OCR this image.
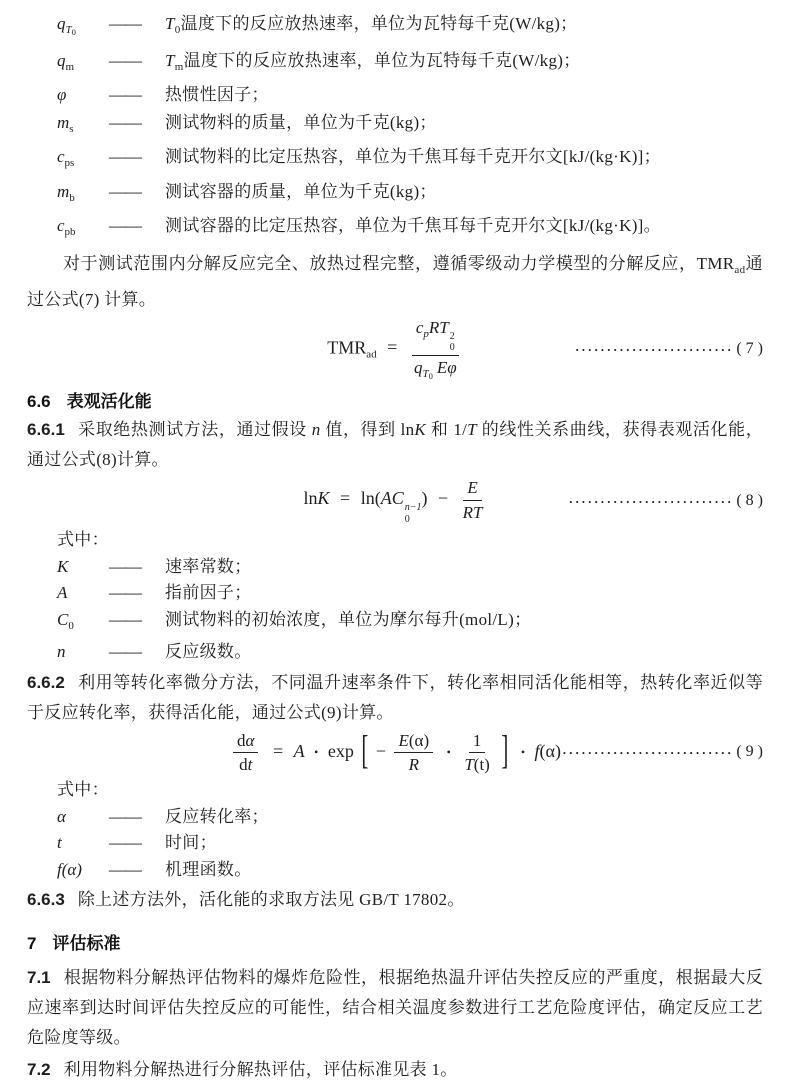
$q_{T0}$	——	$T_0$温度下的反应放热速率，单位为瓦特每千克(W/kg)；
$q_m$	——	$T_m$温度下的反应放热速率，单位为瓦特每千克(W/kg)；
φ	——	热惯性因子；
$m_s$	——	测试物料的质量，单位为千克(kg)；
$c_{ps}$	——	测试物料的比定压热容，单位为千焦耳每千克开尔文[kJ/(kg·K)]；
$m_b$	——	测试容器的质量，单位为千克(kg)；
$c_{pb}$	——	测试容器的比定压热容，单位为千焦耳每千克开尔文[kJ/(kg·K)]。

对于测试范围内分解反应完全、放热过程完整，遵循零级动力学模型的分解反应，$TMR_{ad}$通过公式(7) 计算。

$TMR_{ad} = c_pRT$ 2
0
$q_{T0}$ Eφ	························· ( 7 )
6.6 表观活化能

6.6.1 采取绝热测试方法，通过假设 n 值，得到 lnK 和 1/T 的线性关系曲线，获得表观活化能，通过公式(8)计算。

lnK = ln(AC n−1
0
) − $\frac{E}{RT}$	·························· ( 8 )
式中：
K	——	速率常数；
A	——	指前因子；
$C_0$	——	测试物料的初始浓度，单位为摩尔每升(mol/L)；
n	——	反应级数。

6.6.2 利用等转化率微分方法，不同温升速率条件下，转化率相同活化能相等，热转化率近似等于反应转化率，获得活化能，通过公式(9)计算。

$\frac{d\alpha}{dt} = A$ • exp [ − $\frac{E(\alpha)}{R}$ • $\frac{1}{T(t)}$ ] • f(α) ··························· ( 9 )
式中：
α	——	反应转化率；
t	——	时间；
f(α)	——	机理函数。

6.6.3 除上述方法外，活化能的求取方法见 GB/T 17802。

7 评估标准

7.1 根据物料分解热评估物料的爆炸危险性，根据绝热温升评估失控反应的严重度，根据最大反应速率到达时间评估失控反应的可能性，结合相关温度参数进行工艺危险度评估，确定反应工艺危险度等级。

7.2 利用物料分解热进行分解热评估，评估标准见表 1。
